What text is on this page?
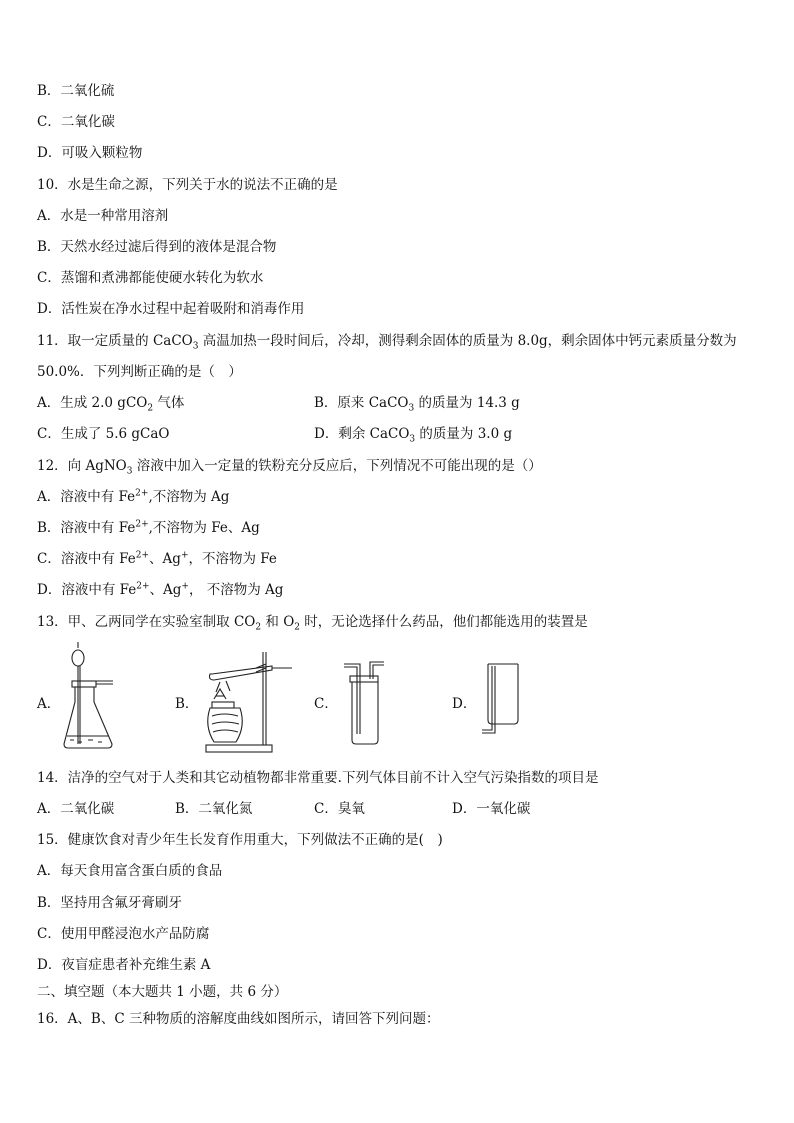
B．二氧化硫
C．二氧化碳
D．可吸入颗粒物
10．水是生命之源，下列关于水的说法不正确的是
A．水是一种常用溶剂
B．天然水经过滤后得到的液体是混合物
C．蒸馏和煮沸都能使硬水转化为软水
D．活性炭在净水过程中起着吸附和消毒作用
11．取一定质量的 CaCO$_3$ 高温加热一段时间后，冷却，测得剩余固体的质量为 8.0g，剩余固体中钙元素质量分数为
50.0%．下列判断正确的是（　）
A．生成 2.0 gCO$_2$ 气体	B．原来 CaCO$_3$ 的质量为 14.3 g
C．生成了 5.6 gCaO	D．剩余 CaCO$_3$ 的质量为 3.0 g
12．向 AgNO$_3$ 溶液中加入一定量的铁粉充分反应后，下列情况不可能出现的是（）
A．溶液中有 $Fe^{2+}$,不溶物为 Ag
B．溶液中有 $Fe^{2+}$,不溶物为 Fe、Ag
C．溶液中有 $Fe^{2+}$、Ag+，不溶物为 Fe
D．溶液中有 $Fe^{2+}$、Ag+， 不溶物为 Ag
13．甲、乙两同学在实验室制取 $CO_2$ 和 $O_2$ 时，无论选择什么药品，他们都能选用的装置是
A．	B．	C．	D．
14．洁净的空气对于人类和其它动植物都非常重要.下列气体目前不计入空气污染指数的项目是
A．二氧化碳	B．二氧化氮	C．臭氧	D．一氧化碳
15．健康饮食对青少年生长发育作用重大，下列做法不正确的是(　)
A．每天食用富含蛋白质的食品
B．坚持用含氟牙膏刷牙
C．使用甲醛浸泡水产品防腐
D．夜盲症患者补充维生素 A
二、填空题（本大题共 1 小题，共 6 分）
16．A、B、C 三种物质的溶解度曲线如图所示，请回答下列问题：
